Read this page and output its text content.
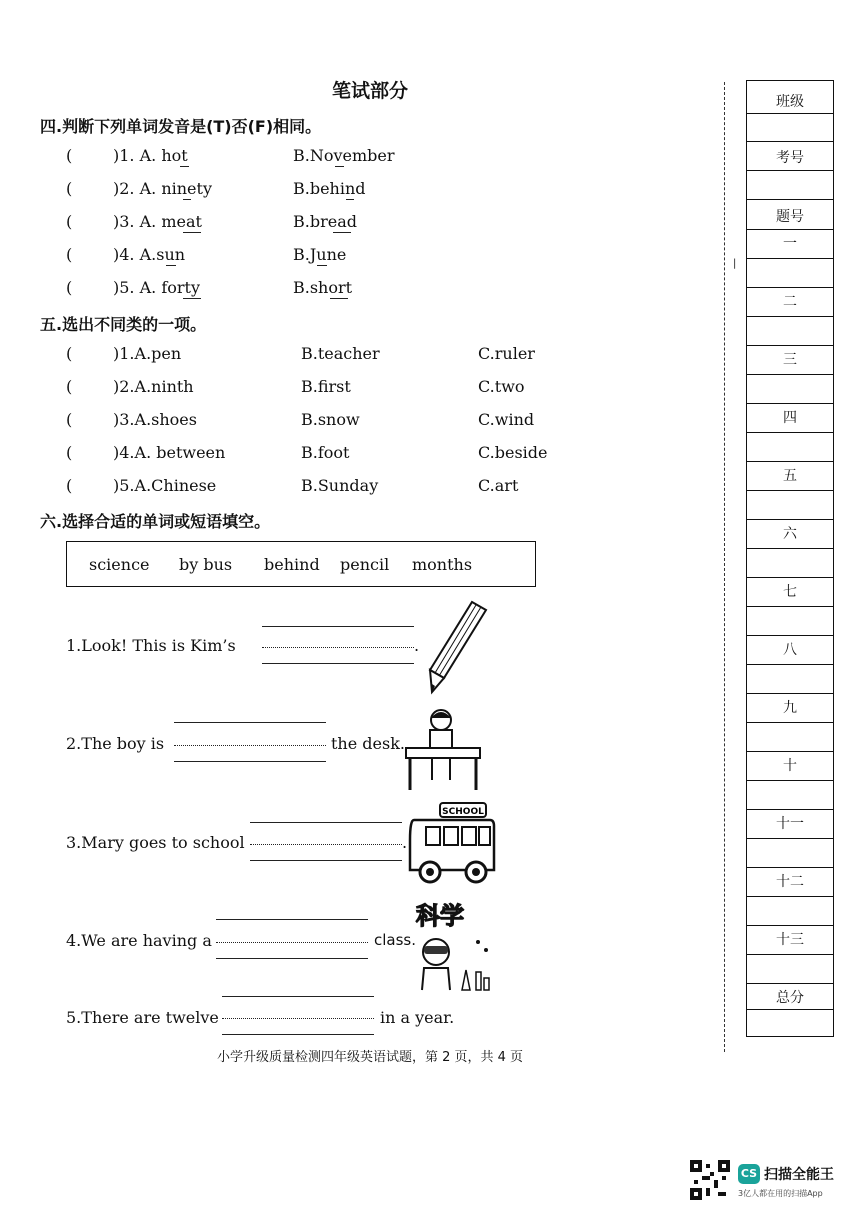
笔试部分
四.判断下列单词发音是(T)否(F)相同。
(	)1. A. hot	B.November
(	)2. A. ninety	B.behind
(	)3. A. meat	B.bread
(	)4. A.sun	B.June
(	)5. A. forty	B.short
五.选出不同类的一项。
(	)1.A.pen	B.teacher	C.ruler
(	)2.A.ninth	B.first	C.two
(	)3.A.shoes	B.snow	C.wind
(	)4.A. between	B.foot	C.beside
(	)5.A.Chinese	B.Sunday	C.art
六.选择合适的单词或短语填空。
science by bus behind pencil months
1.Look! This is Kim’s	.
2.The boy is	the desk.
3.Mary goes to school	.
SCHOOL
4.We are having a	class.
科学
5.There are twelve	in a year.
|
班级
考号
题号
一
二
三
四
五
六
七
八
九
十
十一
十二
十三
总分
小学升级质量检测四年级英语试题，第 2 页，共 4 页
CS 扫描全能王
3亿人都在用的扫描App
